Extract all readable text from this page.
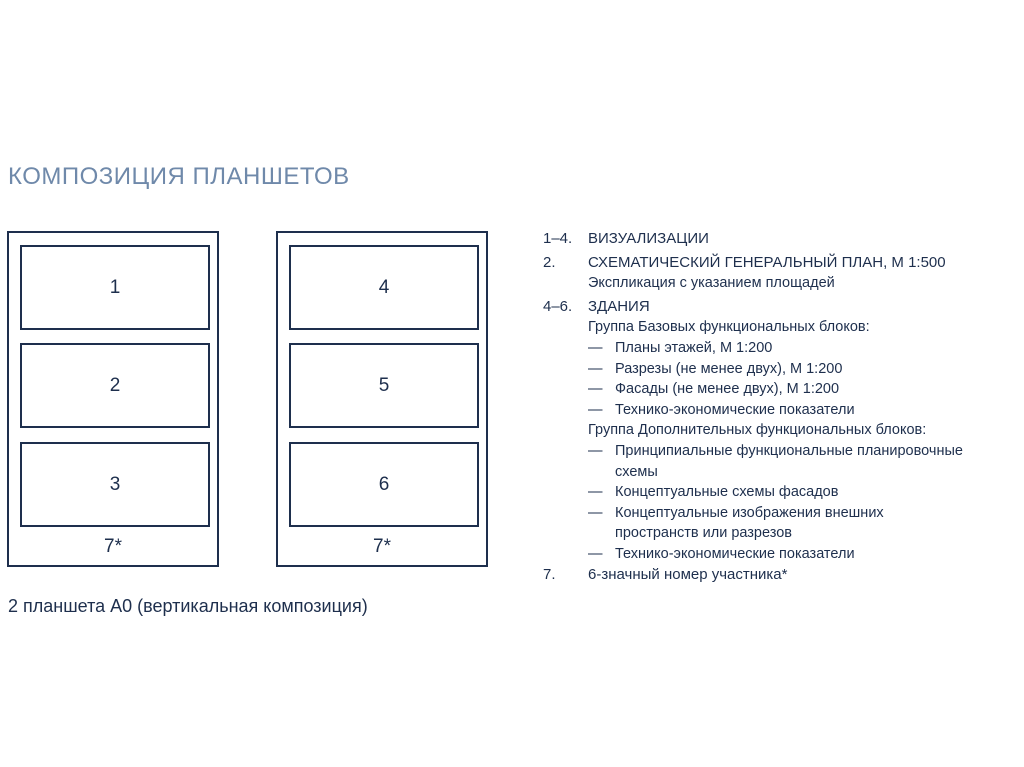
КОМПОЗИЦИЯ ПЛАНШЕТОВ
1
2
3
7*
4
5
6
7*
2 планшета А0 (вертикальная композиция)
1–4. ВИЗУАЛИЗАЦИИ
2. СХЕМАТИЧЕСКИЙ ГЕНЕРАЛЬНЫЙ ПЛАН, М 1:500
Экспликация с указанием площадей
4–6. ЗДАНИЯ
Группа Базовых функциональных блоков:
— Планы этажей, М 1:200
— Разрезы (не менее двух), М 1:200
— Фасады (не менее двух), М 1:200
— Технико-экономические показатели
Группа Дополнительных функциональных блоков:
— Принципиальные функциональные планировочные
схемы
— Концептуальные схемы фасадов
— Концептуальные изображения внешних
пространств или разрезов
— Технико-экономические показатели
7. 6-значный номер участника*
